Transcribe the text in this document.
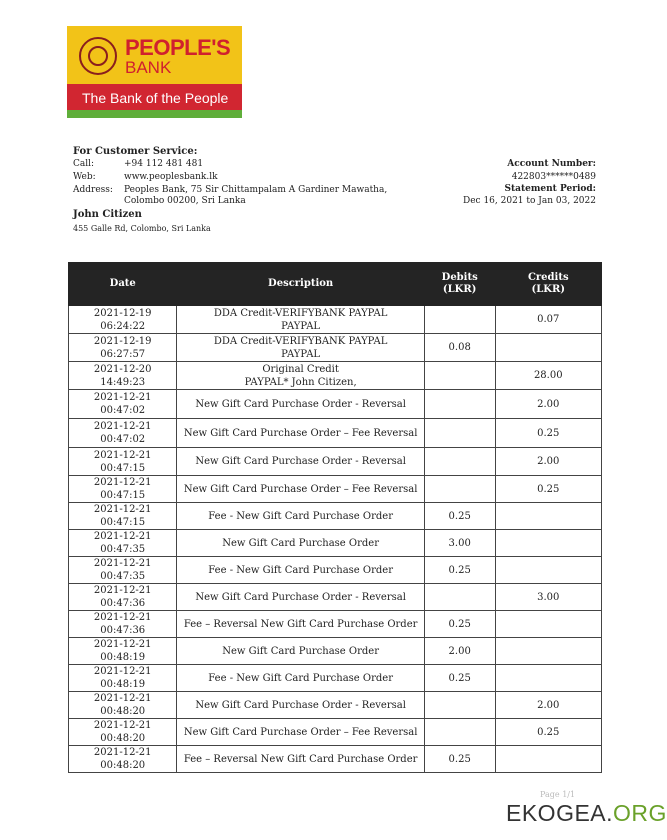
PEOPLE'S
BANK
The Bank of the People
For Customer Service:
Call:	+94 112 481 481
Web:	www.peoplesbank.lk
Address: Peoples Bank, 75 Sir Chittampalam A Gardiner Mawatha,
Colombo 00200, Sri Lanka
John Citizen
455 Galle Rd, Colombo, Sri Lanka
Account Number:
422803******0489
Statement Period:
Dec 16, 2021 to Jan 03, 2022
Date	Description	Debits
(LKR)	Credits
(LKR)
2021-12-19
06:24:22	DDA Credit-VERIFYBANK PAYPAL
PAYPAL		0.07
2021-12-19
06:27:57	DDA Credit-VERIFYBANK PAYPAL
PAYPAL	0.08	
2021-12-20
14:49:23	Original Credit
PAYPAL* John Citizen,		28.00
2021-12-21
00:47:02	New Gift Card Purchase Order - Reversal		2.00
2021-12-21
00:47:02	New Gift Card Purchase Order – Fee Reversal		0.25
2021-12-21
00:47:15	New Gift Card Purchase Order - Reversal		2.00
2021-12-21
00:47:15	New Gift Card Purchase Order – Fee Reversal		0.25
2021-12-21
00:47:15	Fee - New Gift Card Purchase Order	0.25	
2021-12-21
00:47:35	New Gift Card Purchase Order	3.00	
2021-12-21
00:47:35	Fee - New Gift Card Purchase Order	0.25	
2021-12-21
00:47:36	New Gift Card Purchase Order - Reversal		3.00
2021-12-21
00:47:36	Fee – Reversal New Gift Card Purchase Order	0.25	
2021-12-21
00:48:19	New Gift Card Purchase Order	2.00	
2021-12-21
00:48:19	Fee - New Gift Card Purchase Order	0.25	
2021-12-21
00:48:20	New Gift Card Purchase Order - Reversal		2.00
2021-12-21
00:48:20	New Gift Card Purchase Order – Fee Reversal		0.25
2021-12-21
00:48:20	Fee – Reversal New Gift Card Purchase Order	0.25	
Page 1/1
EKOGEA.ORG
